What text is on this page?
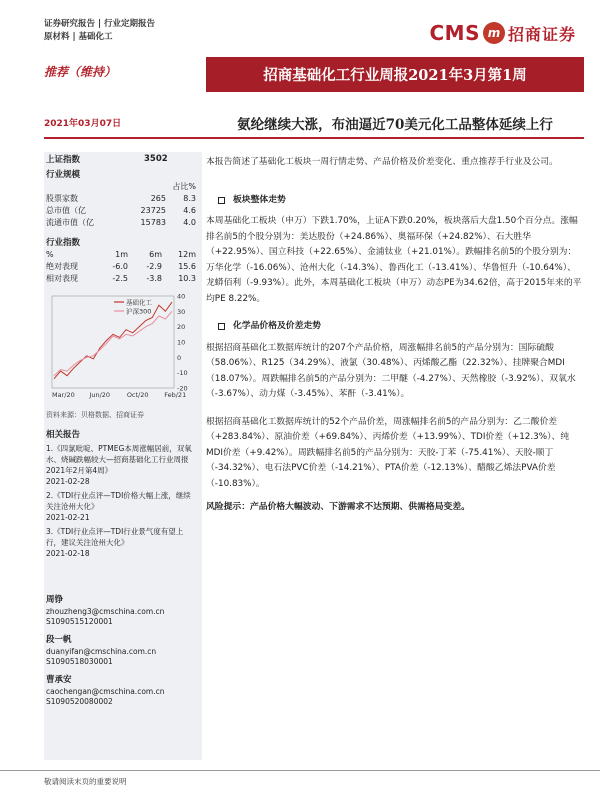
证券研究报告 | 行业定期报告
原材料 | 基础化工	CMS m 招商证券
推荐（维持）	招商基础化工行业周报2021年3月第1周
2021年03月07日	氨纶继续大涨，布油逼近70美元化工品整体延续上行
上证指数	3502
行业规模
占比%
股票家数	265	8.3
总市值（亿	23725	4.6
流通市值（亿	15783	4.0
行业指数
%	1m	6m	12m
绝对表现	-6.0	-2.9	15.6
相对表现	-2.5	-3.8	10.3
40
30
20
10
0
-10
-20
Mar/20 Jun/20	Oct/20 Feb/21
基础化工
沪深300
资料来源：贝格数据、招商证券
相关报告
1.《四氯吡啶、PTMEG本周涨幅居前，双氧水、烧碱跌幅较大—招商基础化工行业周报2021年2月第4周》
2021-02-28
2.《TDI行业点评—TDI价格大幅上涨，继续关注沧州大化》
2021-02-21
3.《TDI行业点评—TDI行业景气度有望上行，建议关注沧州大化》
2021-02-18
周铮
zhouzheng3@cmschina.com.cn
S1090515120001
段一帆
duanyifan@cmschina.com.cn
S1090518030001
曹承安
caochengan@cmschina.com.cn
S1090520080002

本报告简述了基础化工板块一周行情走势、产品价格及价差变化、重点推荐手行业及公司。

板块整体走势

本周基础化工板块（申万）下跌1.70%，上证A下跌0.20%，板块落后大盘1.50个百分点。涨幅排名前5的个股分别为：美达股份（+24.86%）、奥福环保（+24.82%）、石大胜华（+22.95%）、国立科技（+22.65%）、金浦钛业（+21.01%）。跌幅排名前5的个股分别为：万华化学（-16.06%）、沧州大化（-14.3%）、鲁西化工（-13.41%）、华鲁恒升（-10.64%）、龙蟒佰利（-9.93%）。此外，本周基础化工板块（申万）动态PE为34.62倍，高于2015年来的平均PE 8.22%。

化学品价格及价差走势

根据招商基础化工数据库统计的207个产品价格，周涨幅排名前5的产品分别为：国际硫酸（58.06%）、R125（34.29%）、液氯（30.48%）、丙烯酸乙酯（22.32%）、挂牌聚合MDI（18.07%）。周跌幅排名前5的产品分别为：二甲醚（-4.27%）、天然橡胶（-3.92%）、双氧水（-3.67%）、动力煤（-3.45%）、苯酐（-3.41%）。

根据招商基础化工数据库统计的52个产品价差，周涨幅排名前5的产品分别为：乙二酸价差（+283.84%）、原油价差（+69.84%）、丙烯价差（+13.99%）、TDI价差（+12.3%）、纯MDI价差（+9.42%）。周跌幅排名前5的产品分别为：天胶-丁苯（-75.41%）、天胶-顺丁（-34.32%）、电石法PVC价差（-14.21%）、PTA价差（-12.13%）、醋酸乙烯法PVA价差（-10.83%）。

风险提示：产品价格大幅波动、下游需求不达预期、供需格局变差。

敬请阅读末页的重要说明
